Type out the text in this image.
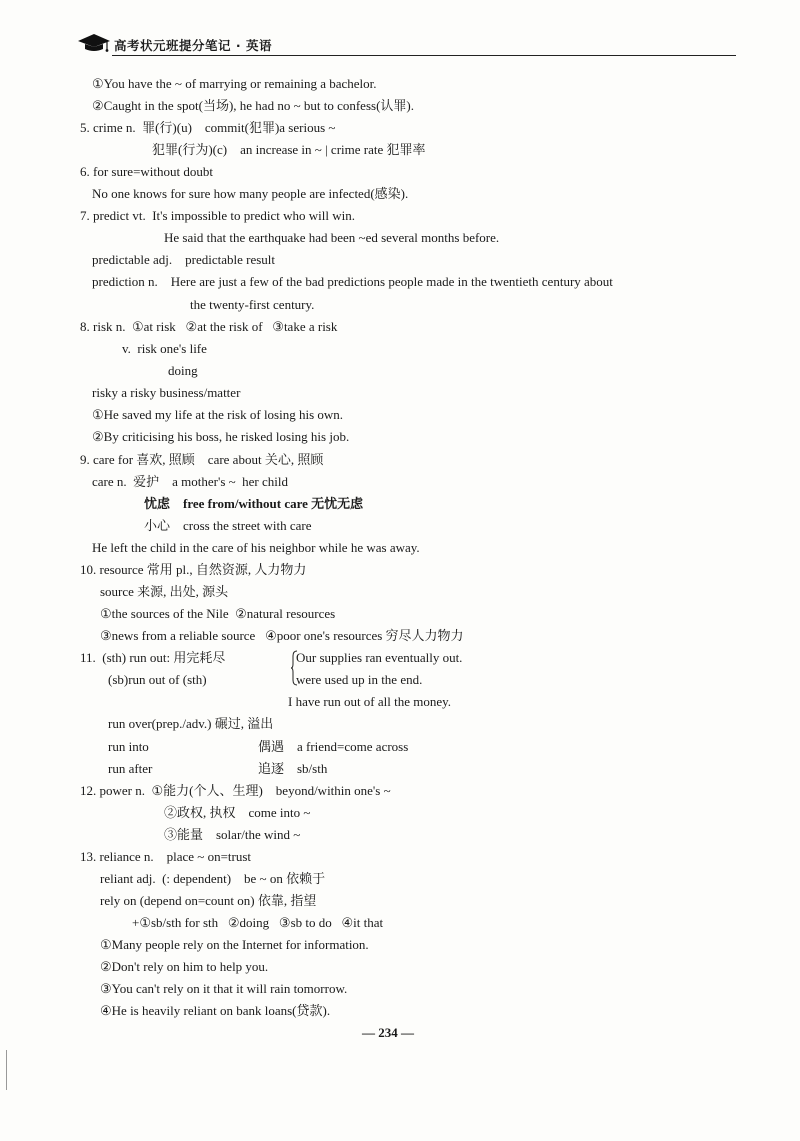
高考状元班提分笔记 · 英语
①You have the ~ of marrying or remaining a bachelor.
②Caught in the spot(当场), he had no ~ but to confess(认罪).
5. crime n.  罪(行)(u)    commit(犯罪)a serious ~
犯罪(行为)(c)    an increase in ~ | crime rate 犯罪率
6. for sure=without doubt
No one knows for sure how many people are infected(感染).
7. predict vt.  It's impossible to predict who will win.
He said that the earthquake had been ~ed several months before.
predictable adj.    predictable result
prediction n.    Here are just a few of the bad predictions people made in the twentieth century about
the twenty-first century.
8. risk n.  ①at risk   ②at the risk of   ③take a risk
v.  risk one's life
doing
risky a risky business/matter
①He saved my life at the risk of losing his own.
②By criticising his boss, he risked losing his job.
9. care for 喜欢, 照顾    care about 关心, 照顾
care n.  爱护    a mother's ~  her child
忧虑    free from/without care 无忧无虑
小心    cross the street with care
He left the child in the care of his neighbor while he was away.
10. resource 常用 pl., 自然资源, 人力物力
source 来源, 出处, 源头
①the sources of the Nile  ②natural resources
③news from a reliable source   ④poor one's resources 穷尽人力物力
11.  (sth) run out: 用完耗尽	Our supplies ran eventually out.
(sb)run out of (sth)	were used up in the end.
I have run out of all the money.
run over(prep./adv.) 碾过, 溢出
run into	偶遇    a friend=come across
run after	追逐    sb/sth
12. power n.  ①能力(个人、生理)    beyond/within one's ~
②政权, 执权    come into ~
③能量    solar/the wind ~
13. reliance n.    place ~ on=trust
reliant adj.  (: dependent)    be ~ on 依赖于
rely on (depend on=count on) 依靠, 指望
+①sb/sth for sth   ②doing   ③sb to do   ④it that
①Many people rely on the Internet for information.
②Don't rely on him to help you.
③You can't rely on it that it will rain tomorrow.
④He is heavily reliant on bank loans(贷款).
— 234 —
